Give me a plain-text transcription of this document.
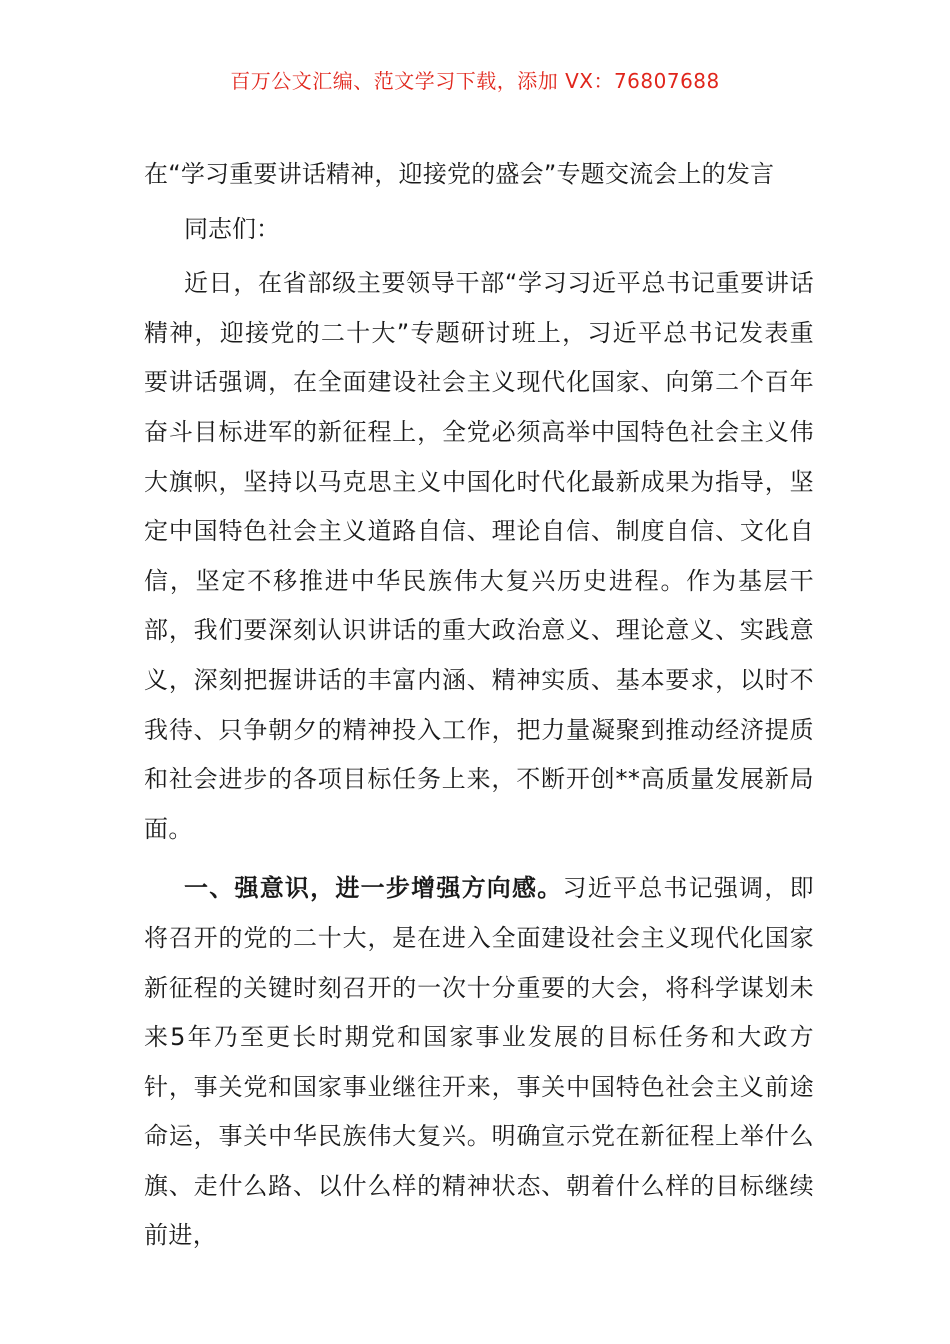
百万公文汇编、范文学习下载，添加 VX：76807688
在“学习重要讲话精神，迎接党的盛会”专题交流会上的发言

同志们：

近日，在省部级主要领导干部“学习习近平总书记重要讲话精神，迎接党的二十大”专题研讨班上，习近平总书记发表重要讲话强调，在全面建设社会主义现代化国家、向第二个百年奋斗目标进军的新征程上，全党必须高举中国特色社会主义伟大旗帜，坚持以马克思主义中国化时代化最新成果为指导，坚定中国特色社会主义道路自信、理论自信、制度自信、文化自信，坚定不移推进中华民族伟大复兴历史进程。作为基层干部，我们要深刻认识讲话的重大政治意义、理论意义、实践意义，深刻把握讲话的丰富内涵、精神实质、基本要求，以时不我待、只争朝夕的精神投入工作，把力量凝聚到推动经济提质和社会进步的各项目标任务上来，不断开创**高质量发展新局面。

一、强意识，进一步增强方向感。习近平总书记强调，即将召开的党的二十大，是在进入全面建设社会主义现代化国家新征程的关键时刻召开的一次十分重要的大会，将科学谋划未来5年乃至更长时期党和国家事业发展的目标任务和大政方针，事关党和国家事业继往开来，事关中国特色社会主义前途命运，事关中华民族伟大复兴。明确宣示党在新征程上举什么旗、走什么路、以什么样的精神状态、朝着什么样的目标继续前进，
